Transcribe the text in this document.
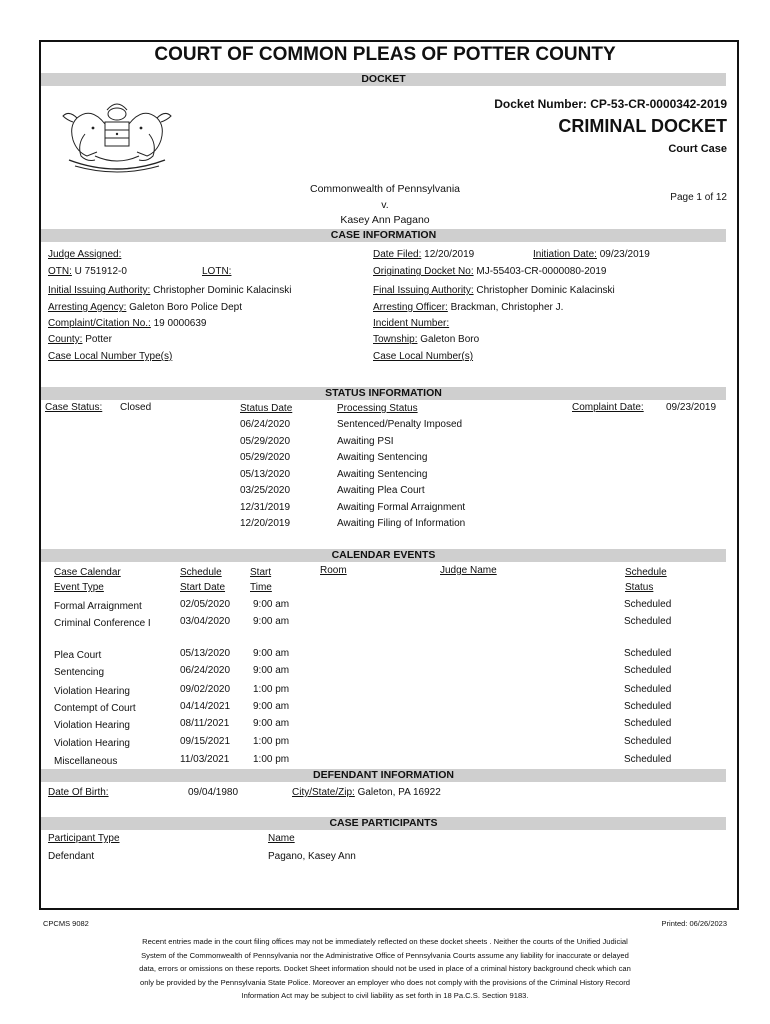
COURT OF COMMON PLEAS OF POTTER COUNTY
DOCKET
Docket Number: CP-53-CR-0000342-2019
CRIMINAL DOCKET
Court Case
Commonwealth of Pennsylvania
v.
Kasey Ann Pagano
Page 1 of 12
CASE INFORMATION
Judge Assigned:	Date Filed: 12/20/2019	Initiation Date: 09/23/2019
OTN: U 751912-0	LOTN:	Originating Docket No: MJ-55403-CR-0000080-2019
Initial Issuing Authority: Christopher Dominic Kalacinski	Final Issuing Authority: Christopher Dominic Kalacinski
Arresting Agency: Galeton Boro Police Dept	Arresting Officer: Brackman, Christopher J.
Complaint/Citation No.: 19 0000639	Incident Number:
County: Potter	Township: Galeton Boro
Case Local Number Type(s)	Case Local Number(s)
STATUS INFORMATION
Case Status: Closed	Status Date	Processing Status	Complaint Date: 09/23/2019
06/24/2020	Sentenced/Penalty Imposed
05/29/2020	Awaiting PSI
05/29/2020	Awaiting Sentencing
05/13/2020	Awaiting Sentencing
03/25/2020	Awaiting Plea Court
12/31/2019	Awaiting Formal Arraignment
12/20/2019	Awaiting Filing of Information
CALENDAR EVENTS
Case Calendar
Event Type
Schedule
Start Date
Start
Time
Room	Judge Name	Schedule
Status
Formal Arraignment	02/05/2020 9:00 am	Scheduled
Criminal Conference I	03/04/2020 9:00 am	Scheduled
Plea Court	05/13/2020 9:00 am	Scheduled
Sentencing	06/24/2020 9:00 am	Scheduled
Violation Hearing	09/02/2020 1:00 pm	Scheduled
Contempt of Court	04/14/2021 9:00 am	Scheduled
Violation Hearing	08/11/2021 9:00 am	Scheduled
Violation Hearing	09/15/2021 1:00 pm	Scheduled
Miscellaneous	11/03/2021 1:00 pm	Scheduled
DEFENDANT INFORMATION
Date Of Birth:	09/04/1980	City/State/Zip: Galeton, PA 16922
CASE PARTICIPANTS
Participant Type	Name
Defendant	Pagano, Kasey Ann
CPCMS 9082	Printed: 06/26/2023
Recent entries made in the court filing offices may not be immediately reflected on these docket sheets . Neither the courts of the Unified Judicial
System of the Commonwealth of Pennsylvania nor the Administrative Office of Pennsylvania Courts assume any liability for inaccurate or delayed
data, errors or omissions on these reports. Docket Sheet information should not be used in place of a criminal history background check which can
only be provided by the Pennsylvania State Police. Moreover an employer who does not comply with the provisions of the Criminal History Record
Information Act may be subject to civil liability as set forth in 18 Pa.C.S. Section 9183.
